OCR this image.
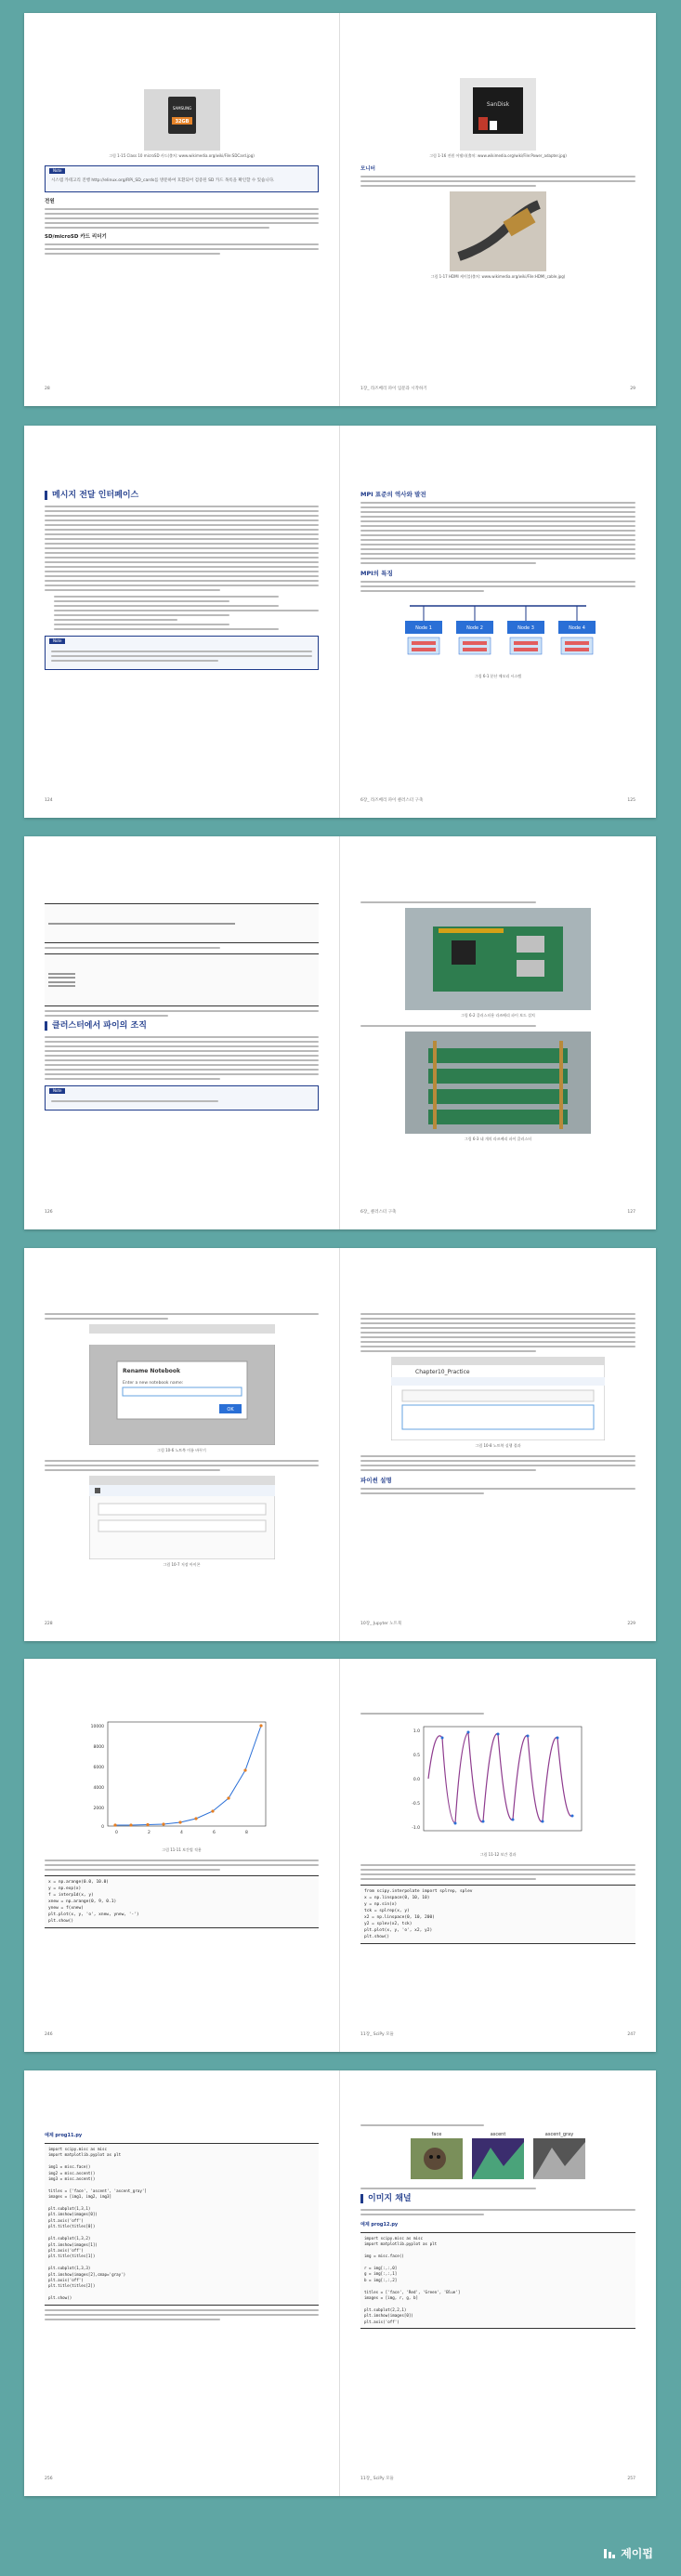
SAMSUNG
32GB
그림 1-15 Class 10 microSD 카드(출처: www.wikimedia.org/wiki/File:SDCard.jpg)
Note
시스템 카테고리 진행 http://elinux.org/RPi_SD_cards를 방문하여 호환되어 검증된 SD 카드 목록을 확인할 수 있습니다.
전원
SD/microSD 카드 리더기
28
SanDisk
그림 1-16 전원 어댑터(출처: www.wikimedia.org/wiki/File:Power_adapter.jpg)
모니터
그림 1-17 HDMI 케이블(출처: www.wikimedia.org/wiki/File:HDMI_cable.jpg)
29
1장_ 라즈베리 파이 입문과 시작하기
메시지 전달 인터페이스
Note
124
MPI 표준의 역사와 발전
MPI의 특징
Node 1	Node 2	Node 3	Node 4
그림 6-1 분산 메모리 시스템
125
6장_ 라즈베리 파이 클러스터 구축

클러스터에서 파이의 조직
Note
126
그림 6-2 클러스터용 라즈베리 파이 보드 설치
그림 6-3 네 개의 라즈베리 파이 클러스터
127
6장_ 클러스터 구축
Rename Notebook
Enter a new notebook name:
OK
그림 10-6 노트북 이름 바꾸기
그림 10-7 저장 아이콘
228
Chapter10_Practice
그림 10-8 노트북 실행 결과
파이썬 설명
229
10장_ Jupyter 노트북
10000
8000
6000
4000
2000
0
0	2	4	6	8
그림 11-11 보간법 적용
x = np.arange(0.0, 10.0)
y = np.exp(x)
f = interp1d(x, y)
xnew = np.arange(0, 9, 0.1)
ynew = f(xnew)
plt.plot(x, y, 'o', xnew, ynew, '-')
plt.show()
246
1.0
0.5
0.0
-0.5
-1.0
그림 11-12 보간 결과
from scipy.interpolate import splrep, splev
x = np.linspace(0, 10, 10)
y = np.sin(x)
tck = splrep(x, y)
x2 = np.linspace(0, 10, 200)
y2 = splev(x2, tck)
plt.plot(x, y, 'o', x2, y2)
plt.show()
247
11장_ SciPy 모듈
예제 prog11.py
import scipy.misc as misc
import matplotlib.pyplot as plt

img1 = misc.face()
img2 = misc.ascent()
img3 = misc.ascent()

titles = ['face', 'ascent', 'ascent_gray']
images = [img1, img2, img3]

plt.subplot(1,3,1)
plt.imshow(images[0])
plt.axis('off')
plt.title(titles[0])

plt.subplot(1,3,2)
plt.imshow(images[1])
plt.axis('off')
plt.title(titles[1])

plt.subplot(1,3,3)
plt.imshow(images[2],cmap='gray')
plt.axis('off')
plt.title(titles[2])

plt.show()
256
face	ascent	ascent_gray
이미지 채널
예제 prog12.py
import scipy.misc as misc
import matplotlib.pyplot as plt

img = misc.face()

r = img[:,:,0]
g = img[:,:,1]
b = img[:,:,2]

titles = ['face', 'Red', 'Green', 'Blue']
images = [img, r, g, b]

plt.subplot(2,2,1)
plt.imshow(images[0])
plt.axis('off')
257
11장_ SciPy 모듈
제이펍
